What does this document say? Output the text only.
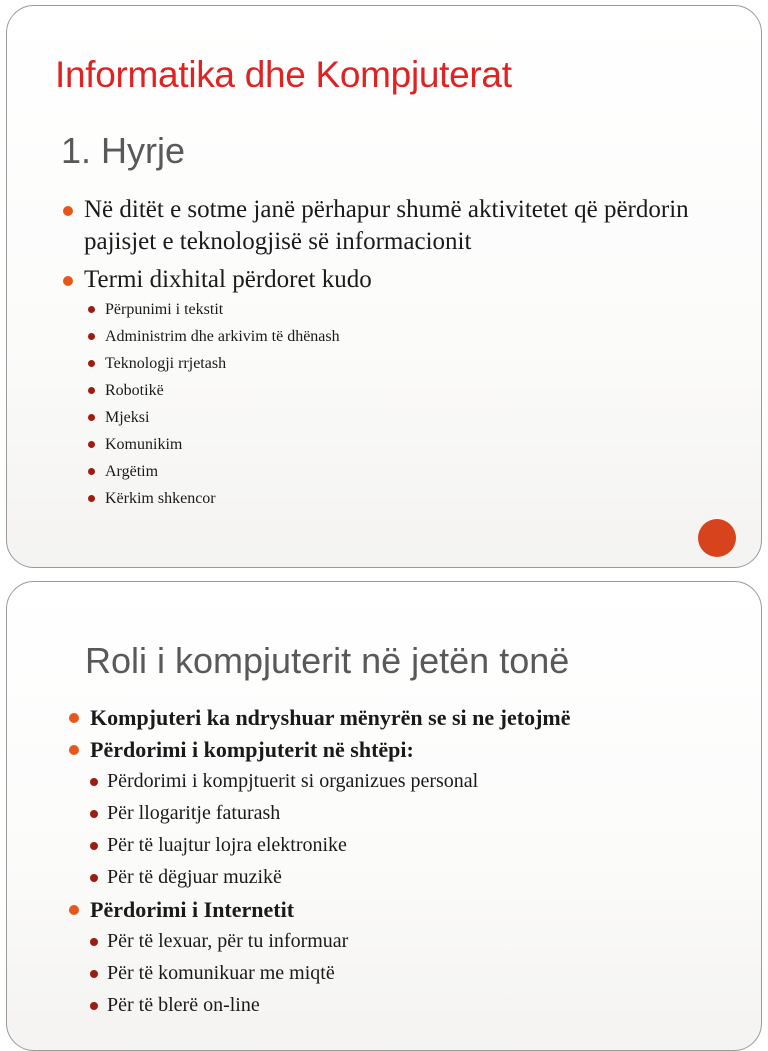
Informatika dhe Kompjuterat
1. Hyrje
Në ditët e sotme janë përhapur shumë aktivitetet që përdorin pajisjet e teknologjisë së informacionit
Termi dixhital përdoret kudo
Përpunimi i tekstit
Administrim dhe arkivim të dhënash
Teknologji rrjetash
Robotikë
Mjeksi
Komunikim
Argëtim
Kërkim shkencor
Roli i kompjuterit në jetën tonë
Kompjuteri ka ndryshuar mënyrën se si ne jetojmë
Përdorimi i kompjuterit në shtëpi:
Përdorimi i kompjtuerit si organizues personal
Për llogaritje faturash
Për të luajtur lojra elektronike
Për të dëgjuar muzikë
Përdorimi i Internetit
Për të lexuar, për tu informuar
Për të komunikuar me miqtë
Për të blerë on-line
